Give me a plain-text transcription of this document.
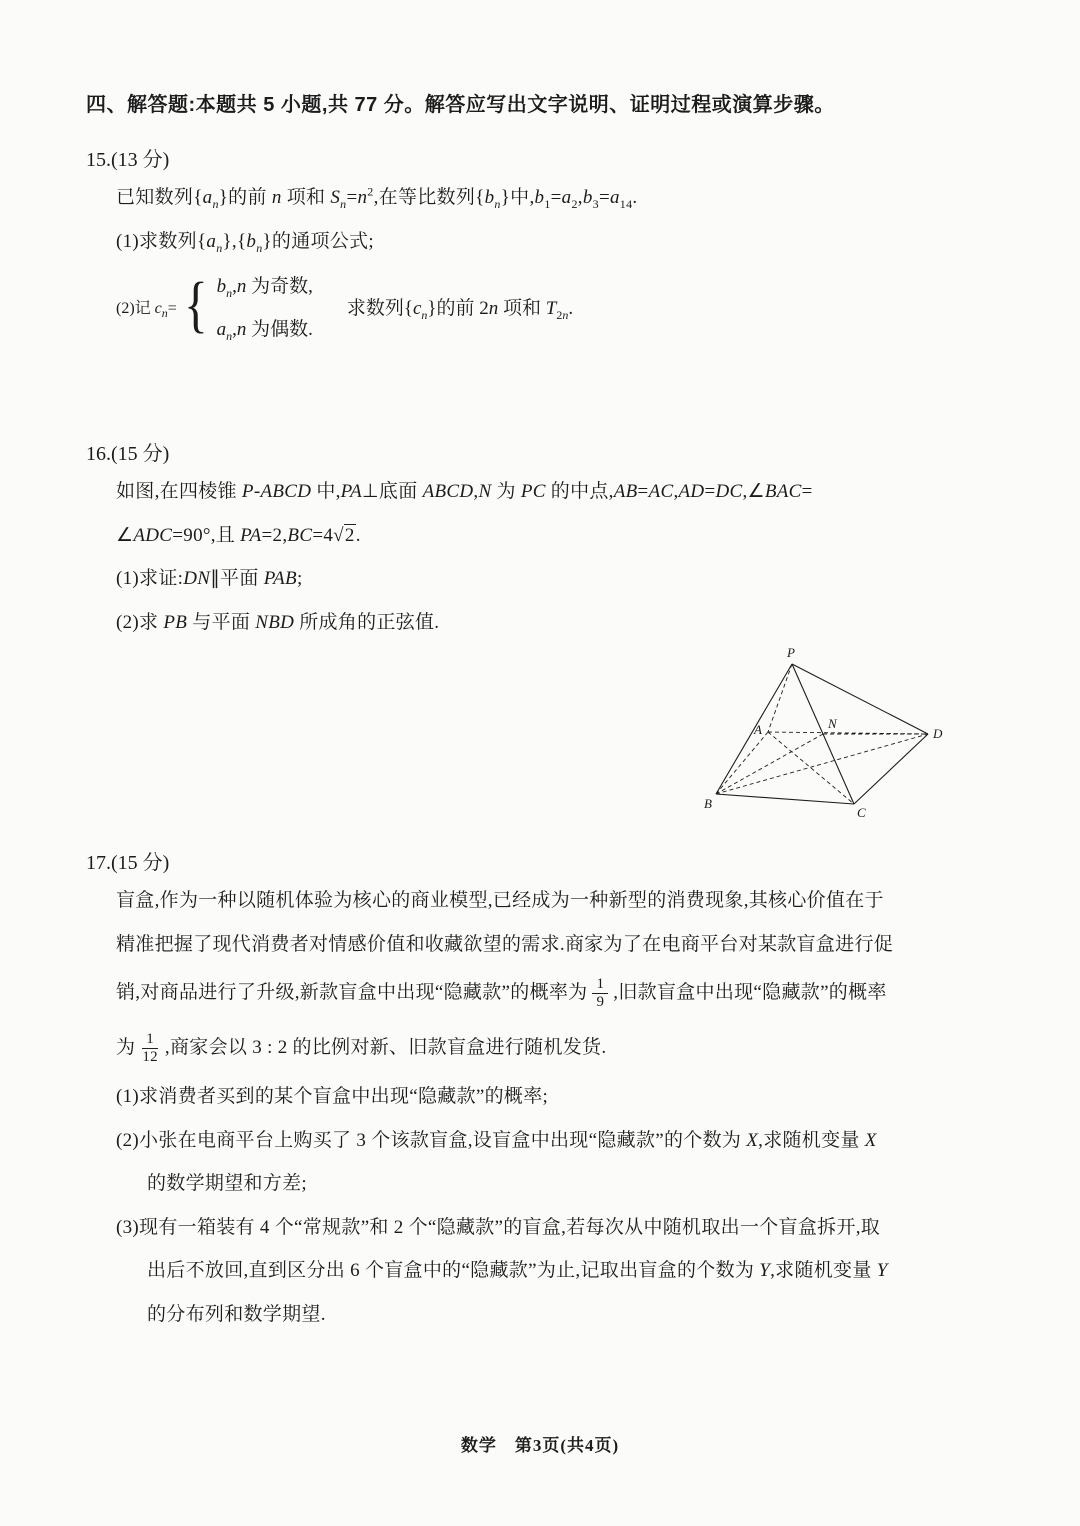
四、解答题:本题共 5 小题,共 77 分。解答应写出文字说明、证明过程或演算步骤。
15.(13 分)
已知数列$\{a_n\}$的前 n 项和 $S_n=n^2$,在等比数列$\{b_n\}$中$,b_1=a_2,b_3=a_{14}$.
(1)求数列$\{a_n\},\{b_n\}$的通项公式;
(2)记 $c_n=$ { $b_n,n$ 为奇数,
$a_n,n$ 为偶数.
求数列$\{c_n\}$的前 2n 项和 $T_{2n}$.
16.(15 分)
如图,在四棱锥 P-ABCD 中,PA⊥底面 ABCD,N 为 PC 的中点,AB=AC,AD=DC,∠BAC=
∠ADC=90°,且 PA=2,BC=4√2.
(1)求证:DN∥平面 PAB;
(2)求 PB 与平面 NBD 所成角的正弦值.
P
N
A	D
B
C
17.(15 分)
盲盒,作为一种以随机体验为核心的商业模型,已经成为一种新型的消费现象,其核心价值在于
精准把握了现代消费者对情感价值和收藏欲望的需求.商家为了在电商平台对某款盲盒进行促
销,对商品进行了升级,新款盲盒中出现“隐藏款”的概率为 $\frac{1}{9}$ ,旧款盲盒中出现“隐藏款”的概率
为 $\frac{1}{12}$ ,商家会以 3 : 2 的比例对新、旧款盲盒进行随机发货.
(1)求消费者买到的某个盲盒中出现“隐藏款”的概率;
(2)小张在电商平台上购买了 3 个该款盲盒,设盲盒中出现“隐藏款”的个数为 X,求随机变量 X
的数学期望和方差;
(3)现有一箱装有 4 个“常规款”和 2 个“隐藏款”的盲盒,若每次从中随机取出一个盲盒拆开,取
出后不放回,直到区分出 6 个盲盒中的“隐藏款”为止,记取出盲盒的个数为 Y,求随机变量 Y
的分布列和数学期望.
数学　第3页(共4页)
